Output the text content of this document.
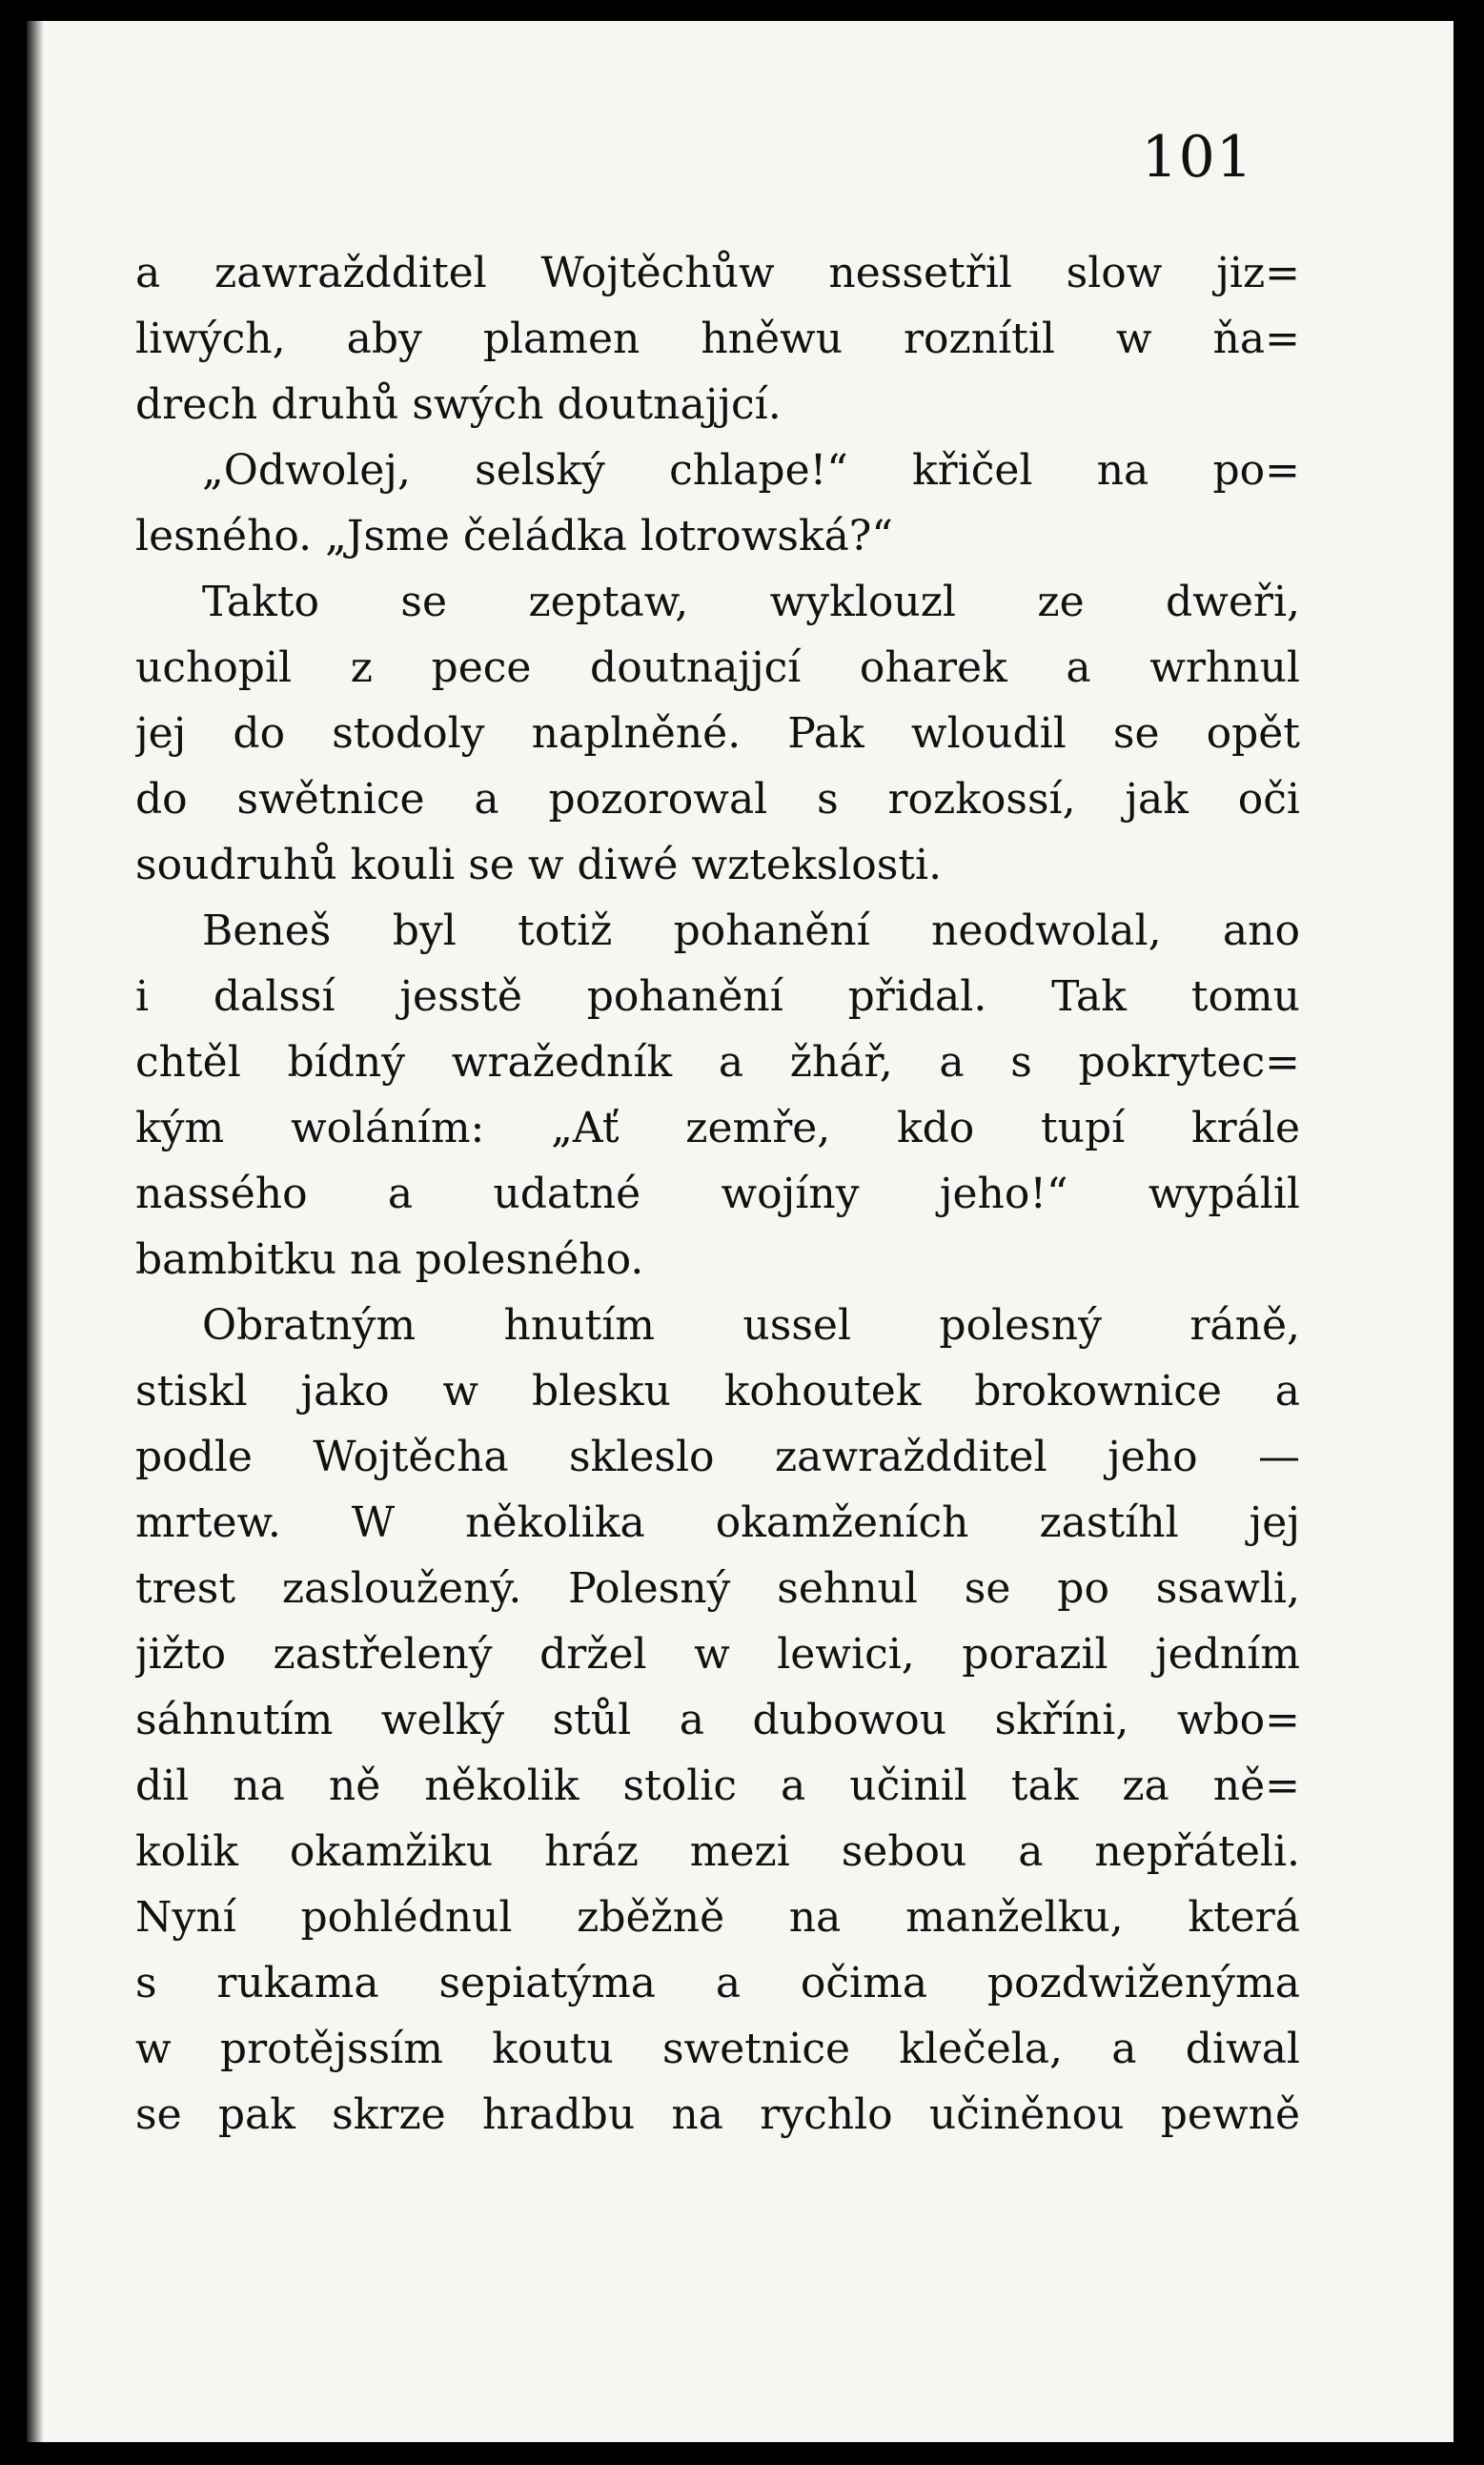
101
a zawraždditel Wojtěchůw nessetřil slow jiz=
liwých, aby plamen hněwu roznítil w ňa=
drech druhů swých doutnajjcí.
„Odwolej, selský chlape!“ křičel na po=
lesného. „Jsme čeládka lotrowská?“
Takto se zeptaw, wyklouzl ze dweři,
uchopil z pece doutnajjcí oharek a wrhnul
jej do stodoly naplněné. Pak wloudil se opět
do swětnice a pozorowal s rozkossí, jak oči
soudruhů kouli se w diwé wztekslosti.
Beneš byl totiž pohanění neodwolal, ano
i dalssí jesstě pohanění přidal. Tak tomu
chtěl bídný wražedník a žhář, a s pokrytec=
kým woláním: „Ať zemře, kdo tupí krále
nassého a udatné wojíny jeho!“ wypálil
bambitku na polesného.
Obratným hnutím ussel polesný ráně,
stiskl jako w blesku kohoutek brokownice a
podle Wojtěcha skleslo zawraždditel jeho —
mrtew. W několika okamženích zastíhl jej
trest zasloužený. Polesný sehnul se po ssawli,
jižto zastřelený držel w lewici, porazil jedním
sáhnutím welký stůl a dubowou skříni, wbo=
dil na ně několik stolic a učinil tak za ně=
kolik okamžiku hráz mezi sebou a nepřáteli.
Nyní pohlédnul zběžně na manželku, která
s rukama sepiatýma a očima pozdwiženýma
w protějssím koutu swetnice klečela, a diwal
se pak skrze hradbu na rychlo učiněnou pewně
